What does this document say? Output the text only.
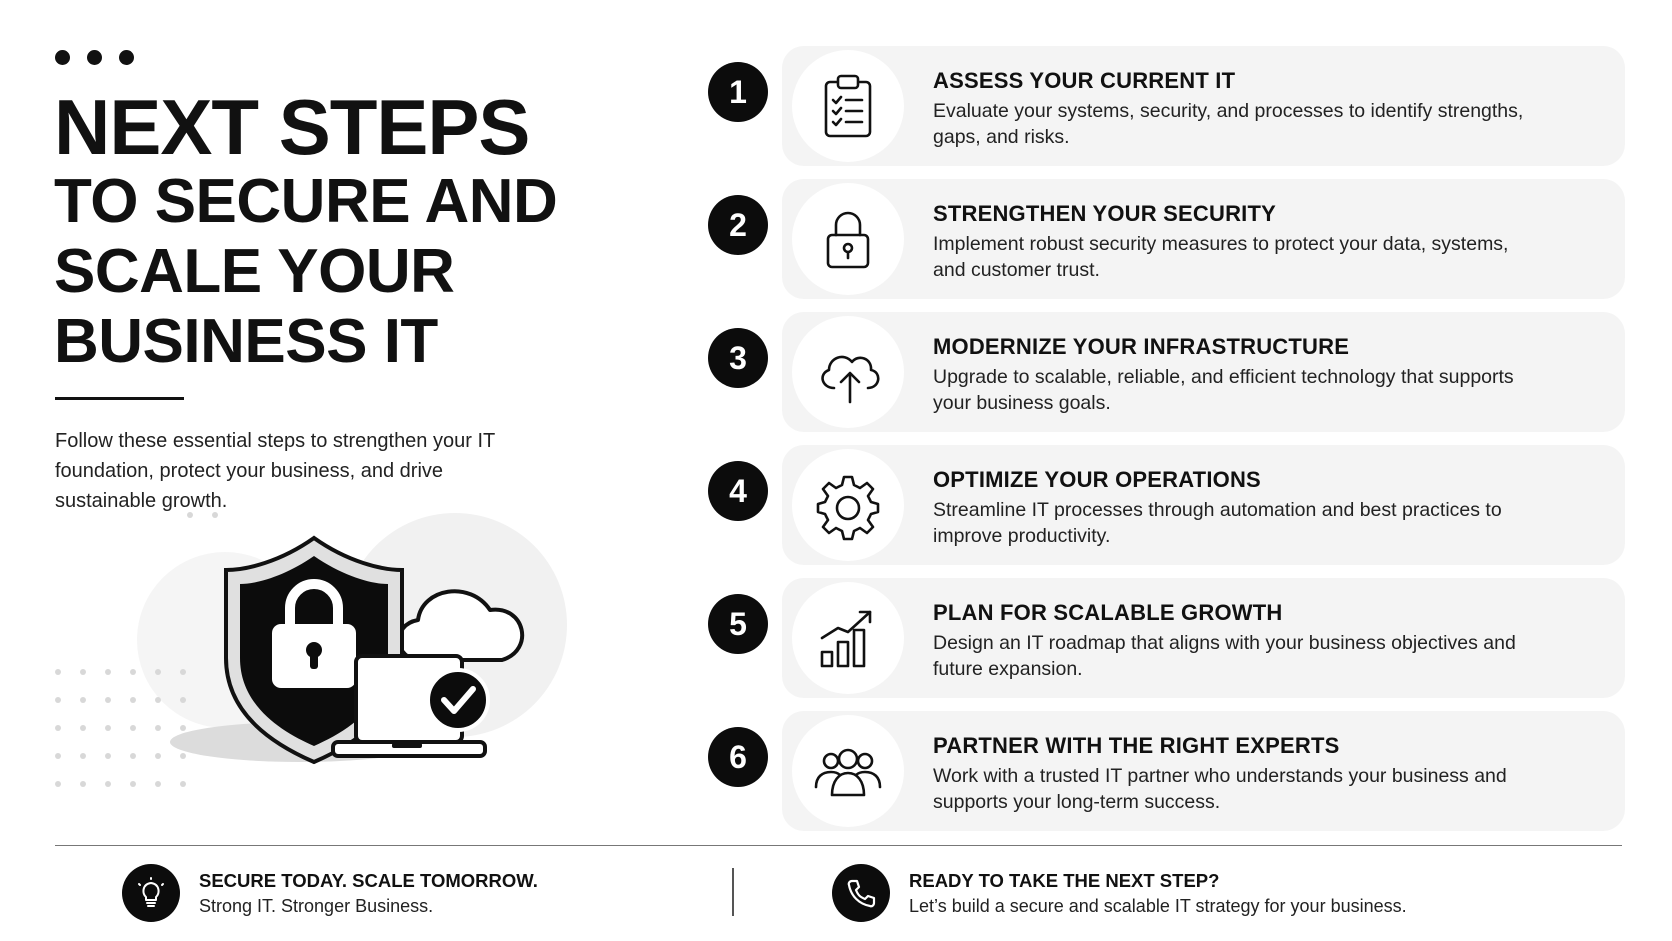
NEXT STEPS
TO SECURE AND
SCALE YOUR
BUSINESS IT

Follow these essential steps to strengthen your IT foundation, protect your business, and drive sustainable growth.

1	ASSESS YOUR CURRENT IT
Evaluate your systems, security, and processes to identify strengths, gaps, and risks.
2	STRENGTHEN YOUR SECURITY
Implement robust security measures to protect your data, systems, and customer trust.
3	MODERNIZE YOUR INFRASTRUCTURE
Upgrade to scalable, reliable, and efficient technology that supports your business goals.
4	OPTIMIZE YOUR OPERATIONS
Streamline IT processes through automation and best practices to improve productivity.
5	PLAN FOR SCALABLE GROWTH
Design an IT roadmap that aligns with your business objectives and future expansion.
6	PARTNER WITH THE RIGHT EXPERTS
Work with a trusted IT partner who understands your business and supports your long-term success.
SECURE TODAY. SCALE TOMORROW.
Strong IT. Stronger Business.
READY TO TAKE THE NEXT STEP?
Let’s build a secure and scalable IT strategy for your business.
